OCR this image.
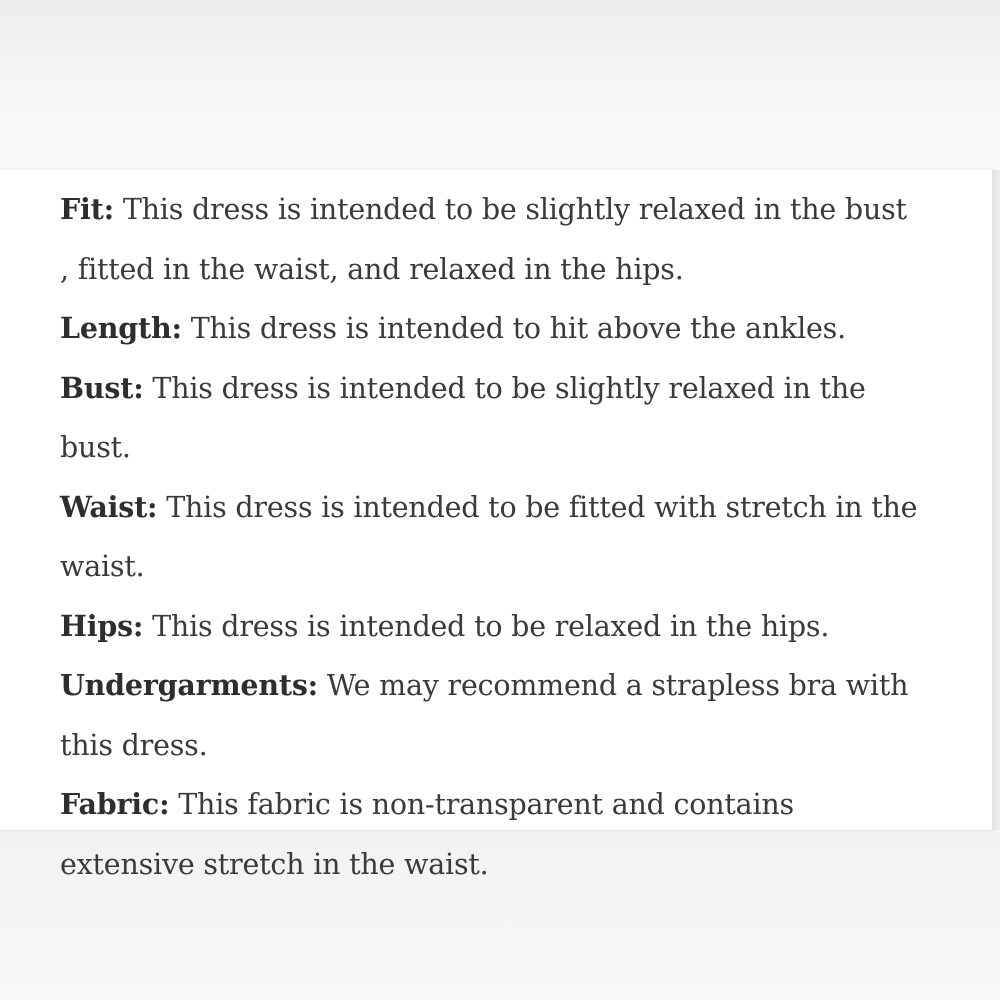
Fit: This dress is intended to be slightly relaxed in the bust , fitted in the waist, and relaxed in the hips.
Length: This dress is intended to hit above the ankles.
Bust: This dress is intended to be slightly relaxed in the bust.
Waist: This dress is intended to be fitted with stretch in the waist.
Hips: This dress is intended to be relaxed in the hips.
Undergarments: We may recommend a strapless bra with this dress.
Fabric: This fabric is non-transparent and contains extensive stretch in the waist.
